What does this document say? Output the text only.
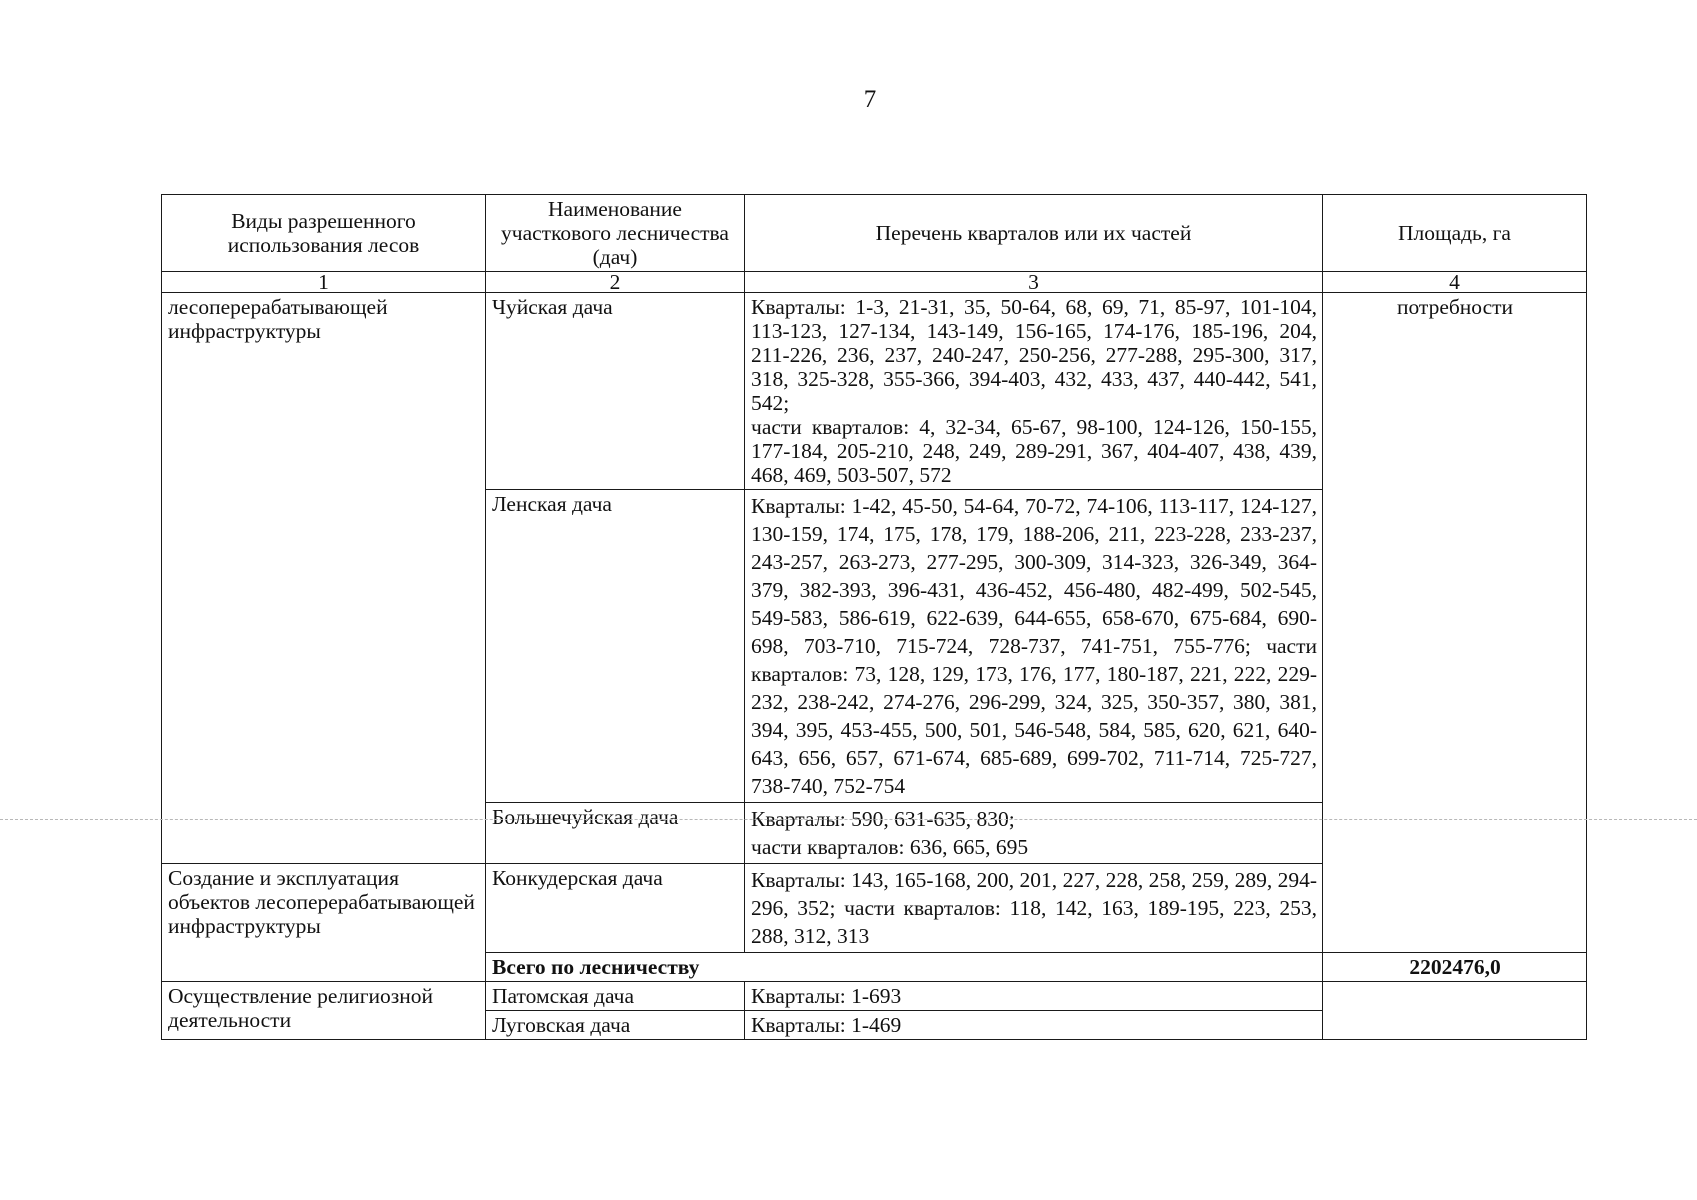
7
Виды разрешенного использования лесов	Наименование участкового лесничества (дач)	Перечень кварталов или их частей	Площадь, га
1	2	3	4
лесоперерабатывающей инфраструктуры	Чуйская дача	Кварталы: 1-3, 21-31, 35, 50-64, 68, 69, 71, 85-97, 101-104, 113-123, 127-134, 143-149, 156-165, 174-176, 185-196, 204, 211-226, 236, 237, 240-247, 250-256, 277-288, 295-300, 317, 318, 325-328, 355-366, 394-403, 432, 433, 437, 440-442, 541, 542;
части кварталов: 4, 32-34, 65-67, 98-100, 124-126, 150-155, 177-184, 205-210, 248, 249, 289-291, 367, 404-407, 438, 439, 468, 469, 503-507, 572	потребности
	Ленская дача	Кварталы: 1-42, 45-50, 54-64, 70-72, 74-106, 113-117, 124-127, 130-159, 174, 175, 178, 179, 188-206, 211, 223-228, 233-237, 243-257, 263-273, 277-295, 300-309, 314-323, 326-349, 364-379, 382-393, 396-431, 436-452, 456-480, 482-499, 502-545, 549-583, 586-619, 622-639, 644-655, 658-670, 675-684, 690-698, 703-710, 715-724, 728-737, 741-751, 755-776; части кварталов: 73, 128, 129, 173, 176, 177, 180-187, 221, 222, 229-232, 238-242, 274-276, 296-299, 324, 325, 350-357, 380, 381, 394, 395, 453-455, 500, 501, 546-548, 584, 585, 620, 621, 640-643, 656, 657, 671-674, 685-689, 699-702, 711-714, 725-727, 738-740, 752-754	
	Большечуйская дача	Кварталы: 590, 631-635, 830;
части кварталов: 636, 665, 695	

Создание и эксплуатация объектов лесоперерабатывающей инфраструктуры	Конкудерская дача	Кварталы: 143, 165-168, 200, 201, 227, 228, 258, 259, 289, 294-296, 352; части кварталов: 118, 142, 163, 189-195, 223, 253, 288, 312, 313	
	Всего по лесничеству		2202476,0
Осуществление религиозной деятельности	Патомская дача	Кварталы: 1-693	
	Луговская дача	Кварталы: 1-469	
